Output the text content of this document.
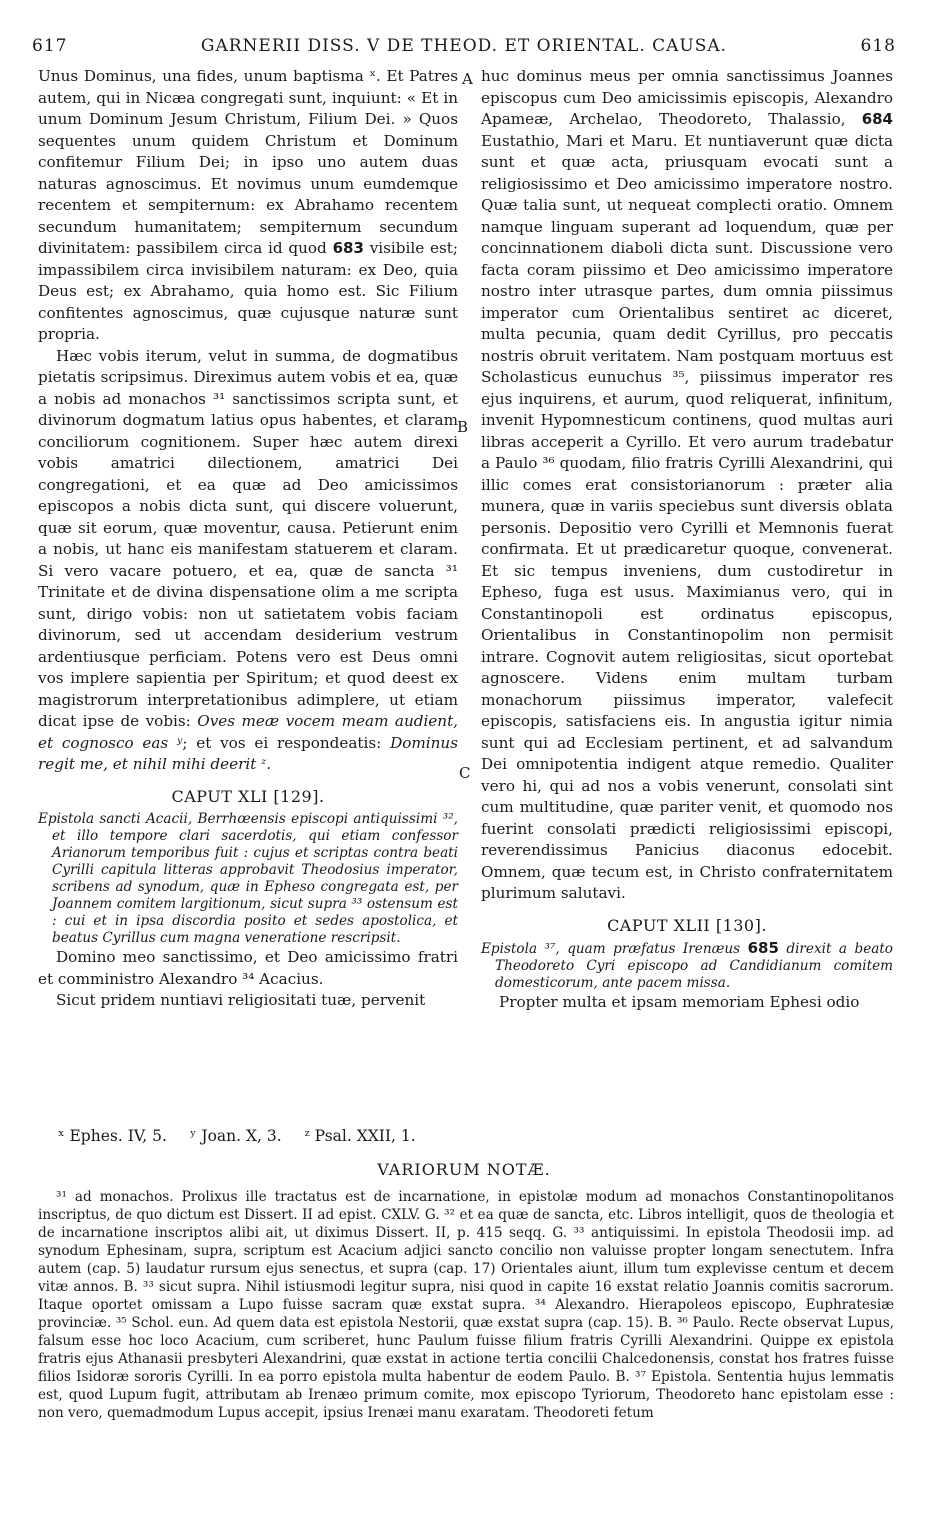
617	GARNERII DISS. V DE THEOD. ET ORIENTAL. CAUSA.	618
A
B
C

Unus Dominus, una fides, unum baptisma ˣ. Et Patres autem, qui in Nicæa congregati sunt, inquiunt: « Et in unum Dominum Jesum Christum, Filium Dei. » Quos sequentes unum quidem Christum et Dominum confitemur Filium Dei; in ipso uno autem duas naturas agnoscimus. Et novimus unum eumdemque recentem et sempiternum: ex Abrahamo recentem secundum humanitatem; sempiternum secundum divinitatem: passibilem circa id quod 683 visibile est; impassibilem circa invisibilem naturam: ex Deo, quia Deus est; ex Abrahamo, quia homo est. Sic Filium confitentes agnoscimus, quæ cujusque naturæ sunt propria.

Hæc vobis iterum, velut in summa, de dogmatibus pietatis scripsimus. Direximus autem vobis et ea, quæ a nobis ad monachos ³¹ sanctissimos scripta sunt, et divinorum dogmatum latius opus habentes, et claram conciliorum cognitionem. Super hæc autem direxi vobis amatrici dilectionem, amatrici Dei congregationi, et ea quæ ad Deo amicissimos episcopos a nobis dicta sunt, qui discere voluerunt, quæ sit eorum, quæ moventur, causa. Petierunt enim a nobis, ut hanc eis manifestam statuerem et claram. Si vero vacare potuero, et ea, quæ de sancta ³¹ Trinitate et de divina dispensatione olim a me scripta sunt, dirigo vobis: non ut satietatem vobis faciam divinorum, sed ut accendam desiderium vestrum ardentiusque perficiam. Potens vero est Deus omni vos implere sapientia per Spiritum; et quod deest ex magistrorum interpretationibus adimplere, ut etiam dicat ipse de vobis: Oves meæ vocem meam audient, et cognosco eas ʸ; et vos ei respondeatis: Dominus regit me, et nihil mihi deerit ᶻ.

CAPUT XLI [129].

Epistola sancti Acacii, Berrhœensis episcopi antiquissimi ³², et illo tempore clari sacerdotis, qui etiam confessor Arianorum temporibus fuit : cujus et scriptas contra beati Cyrilli capitula litteras approbavit Theodosius imperator, scribens ad synodum, quæ in Epheso congregata est, per Joannem comitem largitionum, sicut supra ³³ ostensum est : cui et in ipsa discordia posito et sedes apostolica, et beatus Cyrillus cum magna veneratione rescripsit.

Domino meo sanctissimo, et Deo amicissimo fratri et comministro Alexandro ³⁴ Acacius.

Sicut pridem nuntiavi religiositati tuæ, pervenit

huc dominus meus per omnia sanctissimus Joannes episcopus cum Deo amicissimis episcopis, Alexandro Apameæ, Archelao, Theodoreto, Thalassio, 684 Eustathio, Mari et Maru. Et nuntiaverunt quæ dicta sunt et quæ acta, priusquam evocati sunt a religiosissimo et Deo amicissimo imperatore nostro. Quæ talia sunt, ut nequeat complecti oratio. Omnem namque linguam superant ad loquendum, quæ per concinnationem diaboli dicta sunt. Discussione vero facta coram piissimo et Deo amicissimo imperatore nostro inter utrasque partes, dum omnia piissimus imperator cum Orientalibus sentiret ac diceret, multa pecunia, quam dedit Cyrillus, pro peccatis nostris obruit veritatem. Nam postquam mortuus est Scholasticus eunuchus ³⁵, piissimus imperator res ejus inquirens, et aurum, quod reliquerat, infinitum, invenit Hypomnesticum continens, quod multas auri libras acceperit a Cyrillo. Et vero aurum tradebatur a Paulo ³⁶ quodam, filio fratris Cyrilli Alexandrini, qui illic comes erat consistorianorum : præter alia munera, quæ in variis speciebus sunt diversis oblata personis. Depositio vero Cyrilli et Memnonis fuerat confirmata. Et ut prædicaretur quoque, convenerat. Et sic tempus inveniens, dum custodiretur in Epheso, fuga est usus. Maximianus vero, qui in Constantinopoli est ordinatus episcopus, Orientalibus in Constantinopolim non permisit intrare. Cognovit autem religiositas, sicut oportebat agnoscere. Videns enim multam turbam monachorum piissimus imperator, valefecit episcopis, satisfaciens eis. In angustia igitur nimia sunt qui ad Ecclesiam pertinent, et ad salvandum Dei omnipotentia indigent atque remedio. Qualiter vero hi, qui ad nos a vobis venerunt, consolati sint cum multitudine, quæ pariter venit, et quomodo nos fuerint consolati prædicti religiosissimi episcopi, reverendissimus Panicius diaconus edocebit. Omnem, quæ tecum est, in Christo confraternitatem plurimum salutavi.

CAPUT XLII [130].

Epistola ³⁷, quam præfatus Irenæus 685 direxit a beato Theodoreto Cyri episcopo ad Candidianum comitem domesticorum, ante pacem missa.

Propter multa et ipsam memoriam Ephesi odio

ˣ Ephes. IV, 5. ʸ Joan. X, 3. ᶻ Psal. XXII, 1.
VARIORUM NOTÆ.

³¹ ad monachos. Prolixus ille tractatus est de incarnatione, in epistolæ modum ad monachos Constantinopolitanos inscriptus, de quo dictum est Dissert. II ad epist. CXLV. G. ³² et ea quæ de sancta, etc. Libros intelligit, quos de theologia et de incarnatione inscriptos alibi ait, ut diximus Dissert. II, p. 415 seqq. G. ³³ antiquissimi. In epistola Theodosii imp. ad synodum Ephesinam, supra, scriptum est Acacium adjici sancto concilio non valuisse propter longam senectutem. Infra autem (cap. 5) laudatur rursum ejus senectus, et supra (cap. 17) Orientales aiunt, illum tum explevisse centum et decem vitæ annos. B. ³³ sicut supra. Nihil istiusmodi legitur supra, nisi quod in capite 16 exstat relatio Joannis comitis sacrorum. Itaque oportet omissam a Lupo fuisse sacram quæ exstat supra. ³⁴ Alexandro. Hierapoleos episcopo, Euphratesiæ provinciæ. ³⁵ Schol. eun. Ad quem data est epistola Nestorii, quæ exstat supra (cap. 15). B. ³⁶ Paulo. Recte observat Lupus, falsum esse hoc loco Acacium, cum scriberet, hunc Paulum fuisse filium fratris Cyrilli Alexandrini. Quippe ex epistola fratris ejus Athanasii presbyteri Alexandrini, quæ exstat in actione tertia concilii Chalcedonensis, constat hos fratres fuisse filios Isidoræ sororis Cyrilli. In ea porro epistola multa habentur de eodem Paulo. B. ³⁷ Epistola. Sententia hujus lemmatis est, quod Lupum fugit, attributam ab Irenæo primum comite, mox episcopo Tyriorum, Theodoreto hanc epistolam esse : non vero, quemadmodum Lupus accepit, ipsius Irenæi manu exaratam. Theodoreti fetum
